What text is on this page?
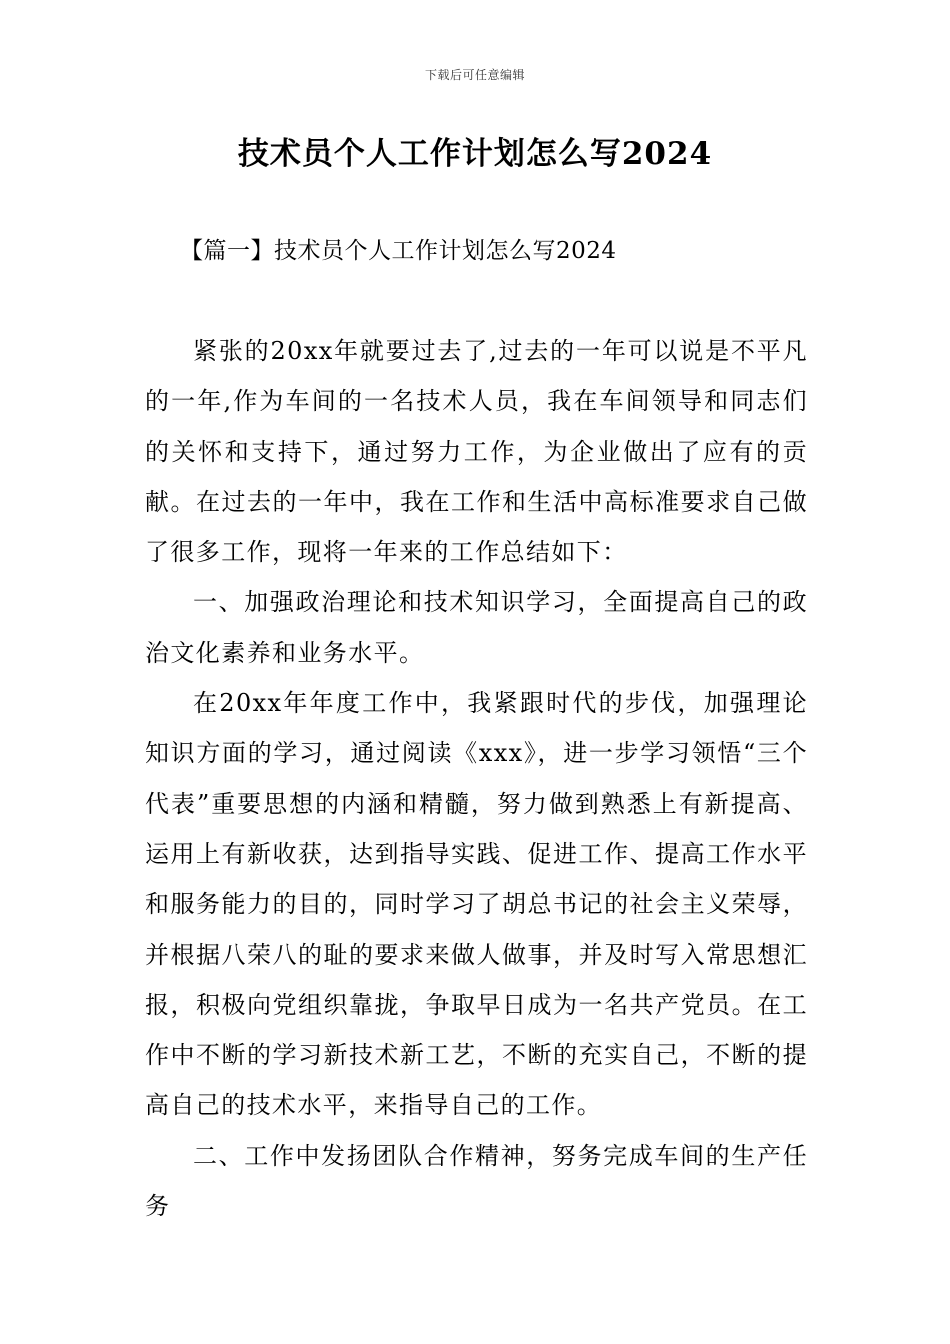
下载后可任意编辑
技术员个人工作计划怎么写2024
【篇一】技术员个人工作计划怎么写2024

紧张的20xx年就要过去了,过去的一年可以说是不平凡的一年,作为车间的一名技术人员，我在车间领导和同志们的关怀和支持下，通过努力工作，为企业做出了应有的贡献。在过去的一年中，我在工作和生活中高标准要求自己做了很多工作，现将一年来的工作总结如下：

一、加强政治理论和技术知识学习，全面提高自己的政治文化素养和业务水平。

在20xx年年度工作中，我紧跟时代的步伐，加强理论知识方面的学习，通过阅读《xxx》，进一步学习领悟“三个代表”重要思想的内涵和精髓，努力做到熟悉上有新提高、运用上有新收获，达到指导实践、促进工作、提高工作水平和服务能力的目的，同时学习了胡总书记的社会主义荣辱，并根据八荣八的耻的要求来做人做事，并及时写入常思想汇报，积极向党组织靠拢，争取早日成为一名共产党员。在工作中不断的学习新技术新工艺，不断的充实自己，不断的提高自己的技术水平，来指导自己的工作。

二、工作中发扬团队合作精神，努务完成车间的生产任务
